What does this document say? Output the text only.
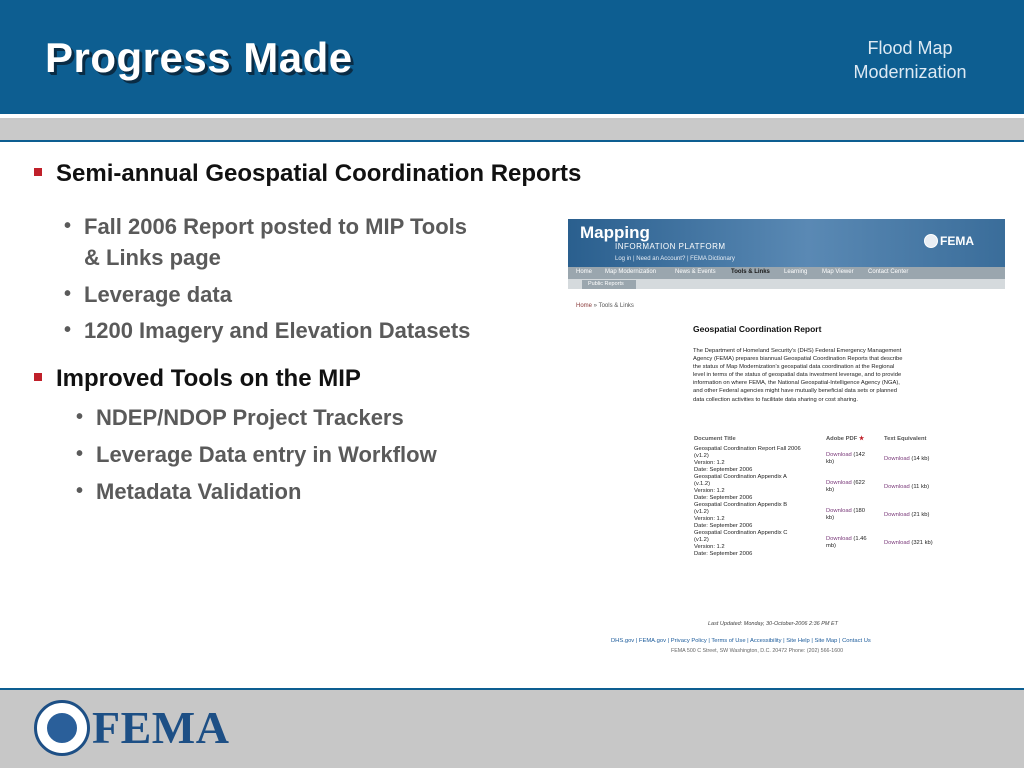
Progress Made	Flood Map
Modernization
Semi-annual Geospatial Coordination Reports
• Fall 2006 Report posted to MIP Tools
& Links page
• Leverage data
• 1200 Imagery and Elevation Datasets
Improved Tools on the MIP
• NDEP/NDOP Project Trackers
• Leverage Data entry in Workflow
• Metadata Validation
Mapping
INFORMATION PLATFORM
Log in | Need an Account? | FEMA Dictionary
FEMA
Home Map Modernization	News & Events	Tools & Links Learning Map Viewer Contact Center
Public Reports
Home » Tools & Links
Geospatial Coordination Report
The Department of Homeland Security's (DHS) Federal Emergency Management Agency (FEMA) prepares biannual Geospatial Coordination Reports that describe the status of Map Modernization's geospatial data coordination at the Regional level in terms of the status of geospatial data investment leverage, and to provide information on where FEMA, the National Geospatial-Intelligence Agency (NGA), and other Federal agencies might have mutually beneficial data sets or planned data collection activities to facilitate data sharing or cost sharing.
Document Title	Adobe PDF ★	Text Equivalent
Geospatial Coordination Report Fall 2006
(v1.2)
Version: 1.2
Date: September 2006
Download (142
kb)	Download (14 kb)
Geospatial Coordination Appendix A
(v.1.2)
Version: 1.2
Date: September 2006
Download (622
kb)	Download (11 kb)
Geospatial Coordination Appendix B
(v1.2)
Version: 1.2
Date: September 2006
Download (180
kb)	Download (21 kb)
Geospatial Coordination Appendix C
(v1.2)
Version: 1.2
Date: September 2006
Download (1.46
mb)	Download (321 kb)
Last Updated: Monday, 30-October-2006 2:36 PM ET
DHS.gov | FEMA.gov | Privacy Policy | Terms of Use | Accessibility | Site Help | Site Map | Contact Us
FEMA 500 C Street, SW Washington, D.C. 20472 Phone: (202) 566-1600
FEMA
